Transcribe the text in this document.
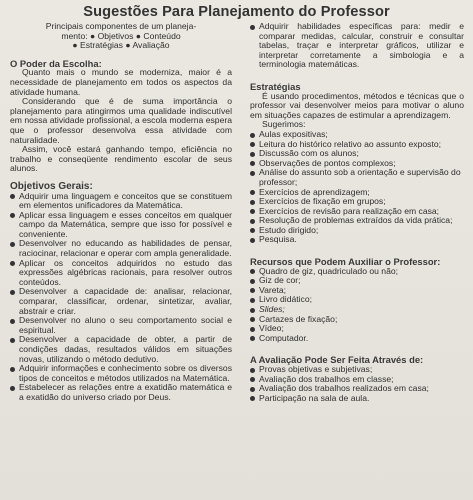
Sugestões Para Planejamento do Professor

Principais componentes de um planeja-

mento: ● Objetivos ● Conteúdo

● Estratégias ● Avaliação

O Poder da Escolha:

Quanto mais o mundo se moderniza, maior é a necessidade de planejamento em todos os aspectos da atividade humana.

Considerando que é de suma importância o planejamento para atingirmos uma qualidade indiscutível em nossa atividade profissional, a escola moderna espera que o professor desenvolva essa atividade com naturalidade.

Assim, você estará ganhando tempo, eficiência no trabalho e conseqüente rendimento escolar de seus alunos.

Objetivos Gerais:

Adquirir uma linguagem e conceitos que se constituem em elementos unificadores da Matemática.
Aplicar essa linguagem e esses conceitos em qualquer campo da Matemática, sempre que isso for possível e conveniente.
Desenvolver no educando as habilidades de pensar, raciocinar, relacionar e operar com ampla generalidade.
Aplicar os conceitos adquiridos no estudo das expressões algébricas racionais, para resolver outros conteúdos.
Desenvolver a capacidade de: analisar, relacionar, comparar, classificar, ordenar, sintetizar, avaliar, abstrair e criar.
Desenvolver no aluno o seu comportamento social e espiritual.
Desenvolver a capacidade de obter, a partir de condições dadas, resultados válidos em situações novas, utilizando o método dedutivo.
Adquirir informações e conhecimento sobre os diversos tipos de conceitos e métodos utilizados na Matemática.
Estabelecer as relações entre a exatidão matemática e a exatidão do universo criado por Deus.
Adquirir habilidades específicas para: medir e comparar medidas, calcular, construir e consultar tabelas, traçar e interpretar gráficos, utilizar e interpretar corretamente a simbologia e a terminologia matemáticas.

Estratégias

É usando procedimentos, métodos e técnicas que o professor vai desenvolver meios para motivar o aluno em situações capazes de estimular a aprendizagem.

Sugerimos:

Aulas expositivas;
Leitura do histórico relativo ao assunto exposto;
Discussão com os alunos;
Observações de pontos complexos;
Análise do assunto sob a orientação e supervisão do professor;
Exercícios de aprendizagem;
Exercícios de fixação em grupos;
Exercícios de revisão para realização em casa;
Resolução de problemas extraídos da vida prática;
Estudo dirigido;
Pesquisa.

Recursos que Podem Auxiliar o Professor:

Quadro de giz, quadriculado ou não;
Giz de cor;
Vareta;
Livro didático;
Slides;
Cartazes de fixação;
Vídeo;
Computador.

A Avaliação Pode Ser Feita Através de:

Provas objetivas e subjetivas;
Avaliação dos trabalhos em classe;
Avaliação dos trabalhos realizados em casa;
Participação na sala de aula.
